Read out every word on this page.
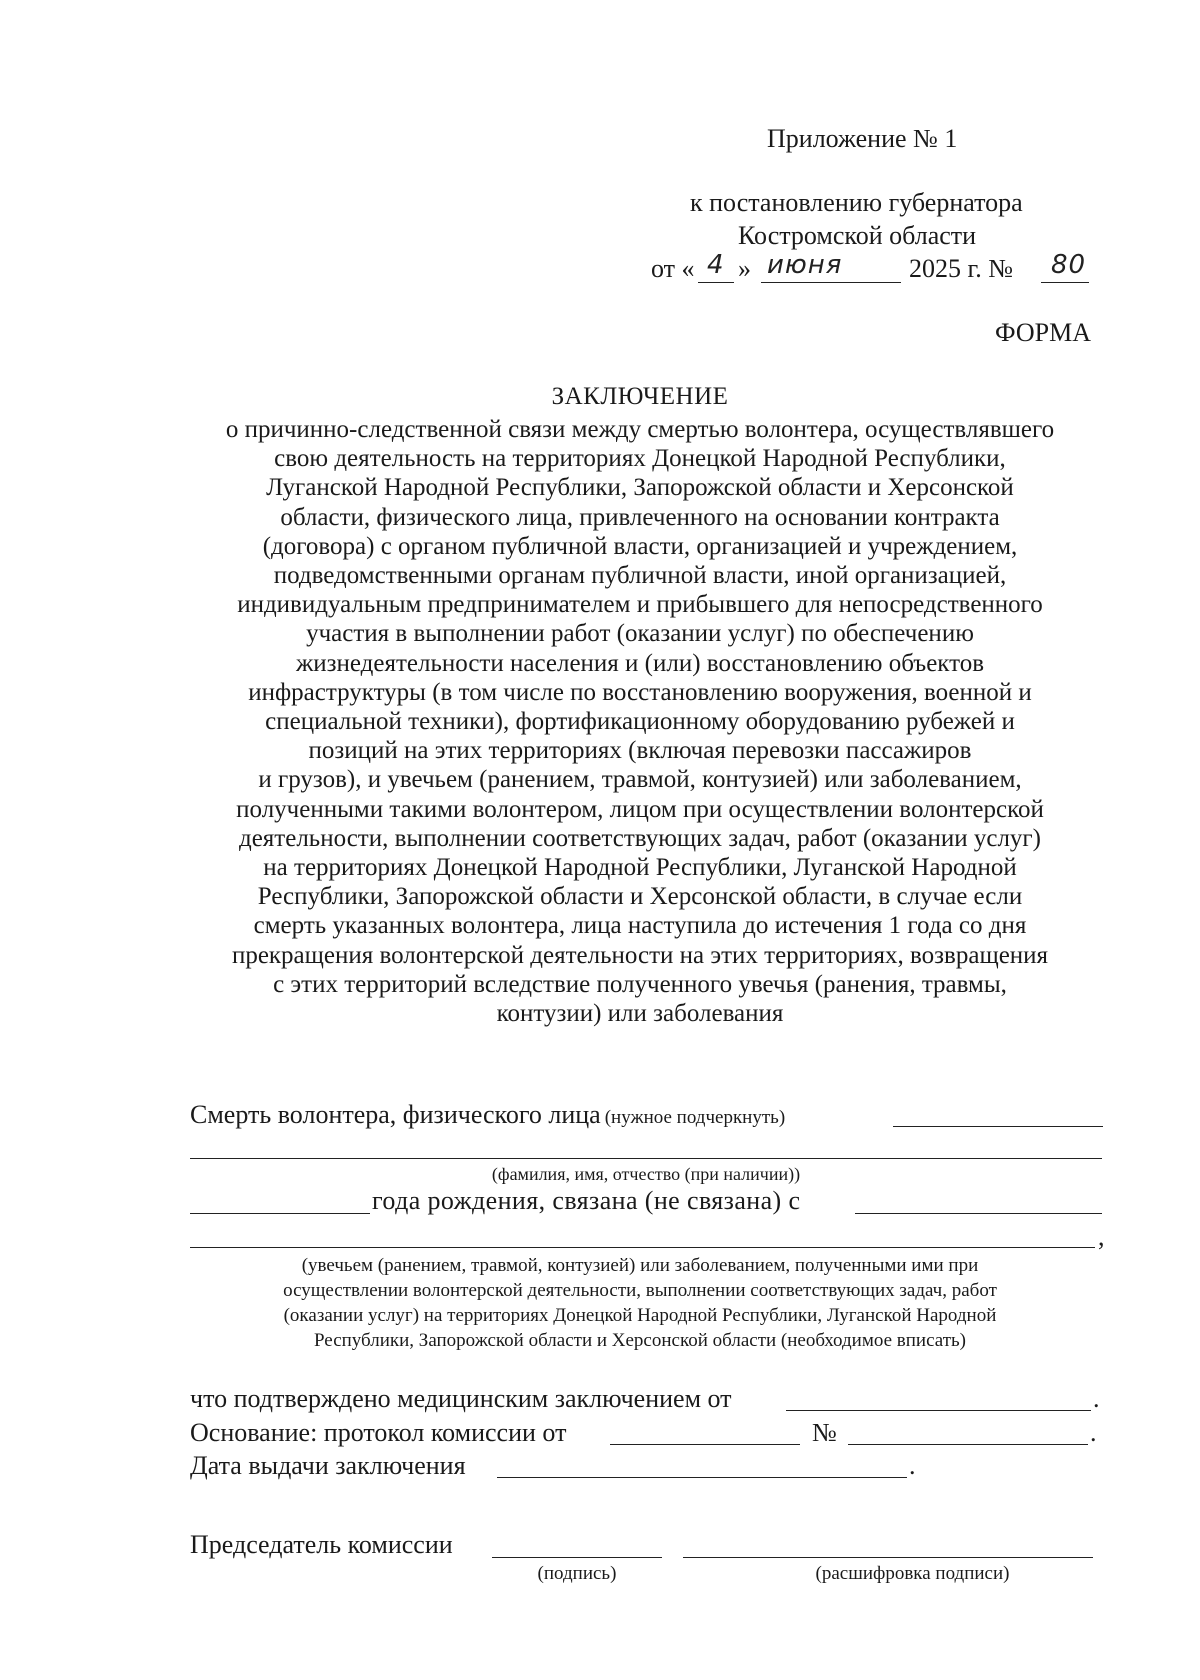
Приложение № 1
к постановлению губернатора
Костромской области
от « 4 » июня	2025 г. № 80
ФОРМА
ЗАКЛЮЧЕНИЕ
о причинно-следственной связи между смертью волонтера, осуществлявшего
свою деятельность на территориях Донецкой Народной Республики,
Луганской Народной Республики, Запорожской области и Херсонской
области, физического лица, привлеченного на основании контракта
(договора) с органом публичной власти, организацией и учреждением,
подведомственными органам публичной власти, иной организацией,
индивидуальным предпринимателем и прибывшего для непосредственного
участия в выполнении работ (оказании услуг) по обеспечению
жизнедеятельности населения и (или) восстановлению объектов
инфраструктуры (в том числе по восстановлению вооружения, военной и
специальной техники), фортификационному оборудованию рубежей и
позиций на этих территориях (включая перевозки пассажиров
и грузов), и увечьем (ранением, травмой, контузией) или заболеванием,
полученными такими волонтером, лицом при осуществлении волонтерской
деятельности, выполнении соответствующих задач, работ (оказании услуг)
на территориях Донецкой Народной Республики, Луганской Народной
Республики, Запорожской области и Херсонской области, в случае если
смерть указанных волонтера, лица наступила до истечения 1 года со дня
прекращения волонтерской деятельности на этих территориях, возвращения
с этих территорий вследствие полученного увечья (ранения, травмы,
контузии) или заболевания
Смерть волонтера, физического лица (нужное подчеркнуть)
(фамилия, имя, отчество (при наличии))
года рождения, связана (не связана) с
,
(увечьем (ранением, травмой, контузией) или заболеванием, полученными ими при
осуществлении волонтерской деятельности, выполнении соответствующих задач, работ
(оказании услуг) на территориях Донецкой Народной Республики, Луганской Народной
Республики, Запорожской области и Херсонской области (необходимое вписать)
что подтверждено медицинским заключением от	.
Основание: протокол комиссии от	№	.
Дата выдачи заключения	.
Председатель комиссии
(подпись)	(расшифровка подписи)
